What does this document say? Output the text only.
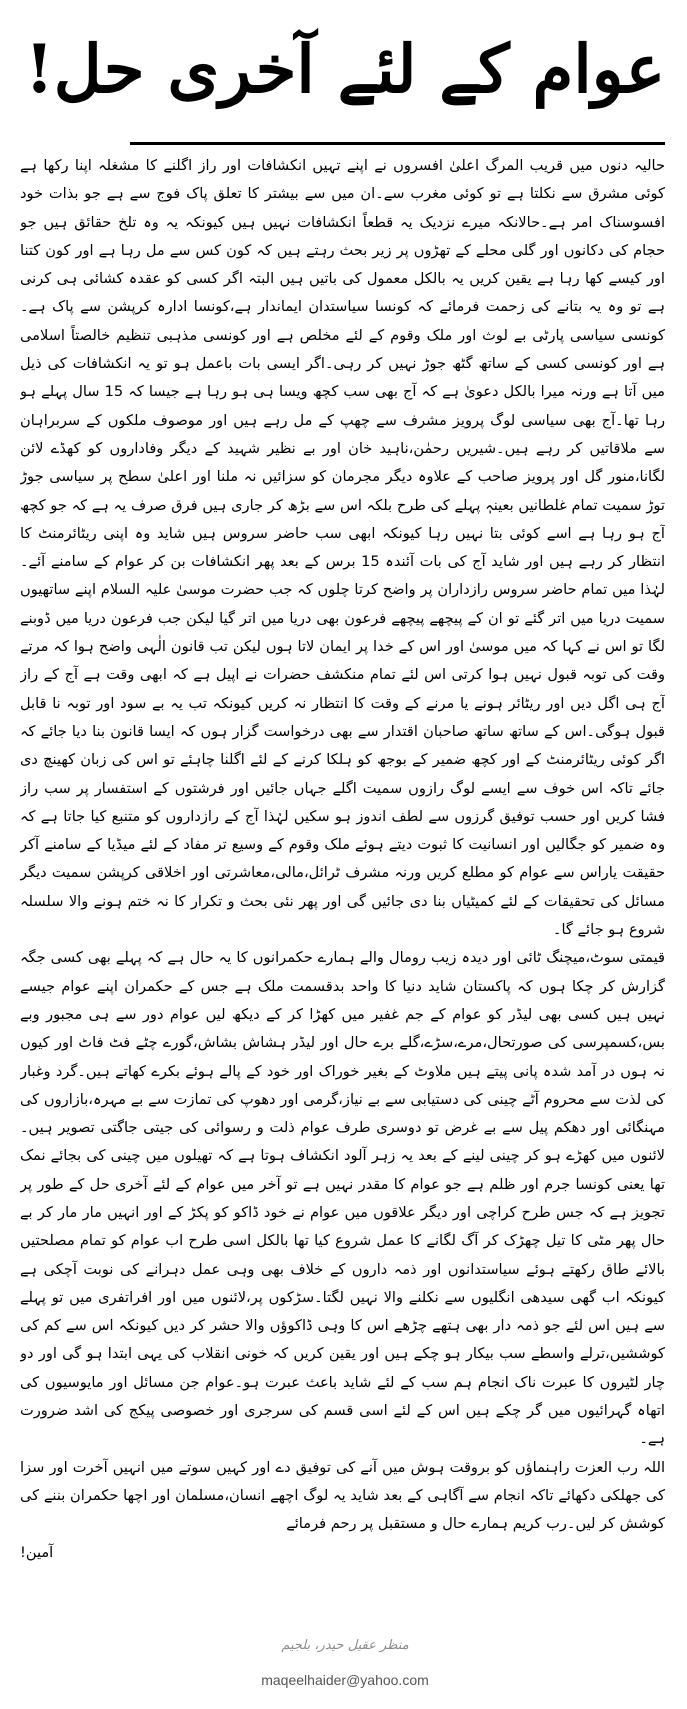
عوام کے لئے آخری حل!

حالیہ دنوں میں قریب المرگ اعلیٰ افسروں نے اپنے تہیں انکشافات اور راز اگلنے کا مشغلہ اپنا رکھا ہے کوئی مشرق سے نکلتا ہے تو کوئی مغرب سے۔ان میں سے بیشتر کا تعلق پاک فوج سے ہے جو بذات خود افسوسناک امر ہے۔حالانکہ میرے نزدیک یہ قطعاً انکشافات نہیں ہیں کیونکہ یہ وہ تلخ حقائق ہیں جو حجام کی دکانوں اور گلی محلے کے تھڑوں پر زیر بحث رہتے ہیں کہ کون کس سے مل رہا ہے اور کون کتنا اور کیسے کھا رہا ہے یقین کریں یہ بالکل معمول کی باتیں ہیں البتہ اگر کسی کو عقدہ کشائی ہی کرنی ہے تو وہ یہ بتانے کی زحمت فرمائے کہ کونسا سیاستدان ایماندار ہے،کونسا ادارہ کرپشن سے پاک ہے۔کونسی سیاسی پارٹی بے لوث اور ملک وقوم کے لئے مخلص ہے اور کونسی مذہبی تنظیم خالصتاً اسلامی ہے اور کونسی کسی کے ساتھ گٹھ جوڑ نہیں کر رہی۔اگر ایسی بات باعمل ہو تو یہ انکشافات کی ذیل میں آتا ہے ورنہ میرا بالکل دعویٰ ہے کہ آج بھی سب کچھ ویسا ہی ہو رہا ہے جیسا کہ 15 سال پہلے ہو رہا تھا۔آج بھی سیاسی لوگ پرویز مشرف سے چھپ کے مل رہے ہیں اور موصوف ملکوں کے سربراہان سے ملاقاتیں کر رہے ہیں۔شیریں رحمٰن،ناہید خان اور بے نظیر شہید کے دیگر وفاداروں کو کھڈے لائن لگانا،منور گل اور پرویز صاحب کے علاوہ دیگر مجرمان کو سزائیں نہ ملنا اور اعلیٰ سطح پر سیاسی جوڑ توڑ سمیت تمام غلطانیں بعینہٖ پہلے کی طرح بلکہ اس سے بڑھ کر جاری ہیں فرق صرف یہ ہے کہ جو کچھ آج ہو رہا ہے اسے کوئی بتا نہیں رہا کیونکہ ابھی سب حاضر سروس ہیں شاید وہ اپنی ریٹائرمنٹ کا انتظار کر رہے ہیں اور شاید آج کی بات آئندہ 15 برس کے بعد پھر انکشافات بن کر عوام کے سامنے آئے۔لہٰذا میں تمام حاضر سروس رازداران پر واضح کرتا چلوں کہ جب حضرت موسیٰ علیہ السلام اپنے ساتھیوں سمیت دریا میں اتر گئے تو ان کے پیچھے پیچھے فرعون بھی دریا میں اتر گیا لیکن جب فرعون دریا میں ڈوبنے لگا تو اس نے کہا کہ میں موسیٰ اور اس کے خدا پر ایمان لاتا ہوں لیکن تب قانون الٰہی واضح ہوا کہ مرتے وقت کی توبہ قبول نہیں ہوا کرتی اس لئے تمام منکشف حضرات نے اپیل ہے کہ ابھی وقت ہے آج کے راز آج ہی اگل دیں اور ریٹائر ہونے یا مرنے کے وقت کا انتظار نہ کریں کیونکہ تب یہ بے سود اور توبہ نا قابل قبول ہوگی۔اس کے ساتھ ساتھ صاحبان اقتدار سے بھی درخواست گزار ہوں کہ ایسا قانون بنا دیا جائے کہ اگر کوئی ریٹائرمنٹ کے اور کچھ ضمیر کے بوجھ کو ہلکا کرنے کے لئے اگلنا چاہئے تو اس کی زبان کھینچ دی جائے تاکہ اس خوف سے ایسے لوگ رازوں سمیت اگلے جہاں جائیں اور فرشتوں کے استفسار پر سب راز فشا کریں اور حسب توفیق گرزوں سے لطف اندوز ہو سکیں لہٰذا آج کے رازداروں کو متنبع کیا جاتا ہے کہ وہ ضمیر کو جگالیں اور انسانیت کا ثبوت دیتے ہوئے ملک وقوم کے وسیع تر مفاد کے لئے میڈیا کے سامنے آکر حقیقت یاراس سے عوام کو مطلع کریں ورنہ مشرف ٹرائل،مالی،معاشرتی اور اخلاقی کرپشن سمیت دیگر مسائل کی تحقیقات کے لئے کمیٹیاں بنا دی جائیں گی اور پھر نئی بحث و تکرار کا نہ ختم ہونے والا سلسلہ شروع ہو جائے گا۔

قیمتی سوٹ،میچنگ ٹائی اور دیدہ زیب رومال والے ہمارے حکمرانوں کا یہ حال ہے کہ پہلے بھی کسی جگہ گزارش کر چکا ہوں کہ پاکستان شاید دنیا کا واحد بدقسمت ملک ہے جس کے حکمران اپنے عوام جیسے نہیں ہیں کسی بھی لیڈر کو عوام کے جم غفیر میں کھڑا کر کے دیکھ لیں عوام دور سے ہی مجبور وبے بس،کسمپرسی کی صورتحال،مرے،سڑے،گلے برے حال اور لیڈر ہشاش بشاش،گورے چٹے فٹ فاٹ اور کیوں نہ ہوں در آمد شدہ پانی پیتے ہیں ملاوٹ کے بغیر خوراک اور خود کے پالے ہوئے بکرے کھاتے ہیں۔گرد وغبار کی لذت سے محروم آٹے چینی کی دستیابی سے بے نیاز،گرمی اور دھوپ کی تمازت سے بے مہرہ،بازاروں کی مہنگائی اور دھکم پیل سے بے غرض تو دوسری طرف عوام ذلت و رسوائی کی جیتی جاگتی تصویر ہیں۔لائنوں میں کھڑے ہو کر چینی لینے کے بعد یہ زہر آلود انکشاف ہوتا ہے کہ تھیلوں میں چینی کی بجائے نمک تھا یعنی کونسا جرم اور ظلم ہے جو عوام کا مقدر نہیں ہے تو آخر میں عوام کے لئے آخری حل کے طور پر تجویز ہے کہ جس طرح کراچی اور دیگر علاقوں میں عوام نے خود ڈاکو کو پکڑ کے اور انہیں مار مار کر بے حال پھر مٹی کا تیل چھڑک کر آگ لگانے کا عمل شروع کیا تھا بالکل اسی طرح اب عوام کو تمام مصلحتیں بالائے طاق رکھتے ہوئے سیاستدانوں اور ذمہ داروں کے خلاف بھی وہی عمل دہرانے کی نوبت آچکی ہے کیونکہ اب گھی سیدھی انگلیوں سے نکلنے والا نہیں لگتا۔سڑکوں پر،لائنوں میں اور افراتفری میں تو پہلے سے ہیں اس لئے جو ذمہ دار بھی ہتھے چڑھے اس کا وہی ڈاکوؤں والا حشر کر دیں کیونکہ اس سے کم کی کوششیں،ترلے واسطے سب بیکار ہو چکے ہیں اور یقین کریں کہ خونی انقلاب کی یہی ابتدا ہو گی اور دو چار لٹیروں کا عبرت ناک انجام ہم سب کے لئے شاید باعث عبرت ہو۔عوام جن مسائل اور مایوسیوں کی اتھاہ گہرائیوں میں گر چکے ہیں اس کے لئے اسی قسم کی سرجری اور خصوصی پیکج کی اشد ضرورت ہے۔

اللہ رب العزت راہنماؤں کو بروقت ہوش میں آنے کی توفیق دے اور کہیں سوتے میں انہیں آخرت اور سزا کی جھلکی دکھائے تاکہ انجام سے آگاہی کے بعد شاید یہ لوگ اچھے انسان،مسلمان اور اچھا حکمران بننے کی کوشش کر لیں۔رب کریم ہمارے حال و مستقبل پر رحم فرمائے

آمین!

منظر عقیل حیدر، بلجیم
maqeelhaider@yahoo.com
